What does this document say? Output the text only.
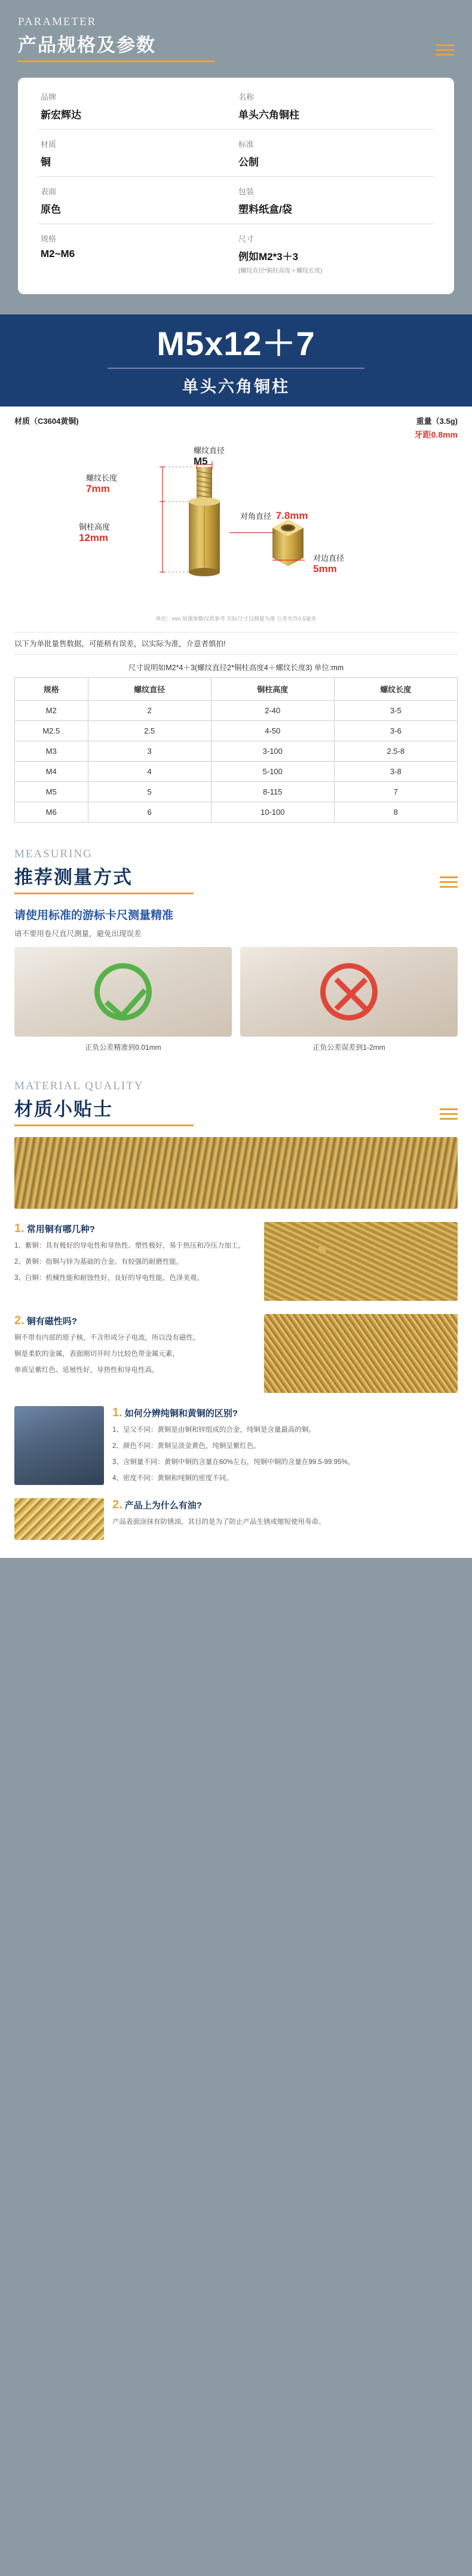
PARAMETER
产品规格及参数
品牌
新宏辉达
名称
单头六角铜柱
材质
铜
标准
公制
表面
原色
包装
塑料纸盒/袋
规格
M2~M6
尺寸
例如M2*3＋3
(螺纹直径*铜柱高度＋螺纹长度)
M5x12＋7
单头六角铜柱
材质（C3604黄铜)	重量（3.5g)
牙距0.8mm
螺纹直径
M5
螺纹长度
7mm
铜柱高度
12mm
对角直径 7.8mm
对边直径
5mm
单位：mm 如图参数仅供参考 实际尺寸以测量为准 公差允许0.5毫米
以下为单批量售数据，可能稍有误差，以实际为准，介意者慎拍!
尺寸说明如M2*4＋3(螺纹直径2*铜柱高度4＋螺纹长度3) 单位:mm
规格	螺纹直径	铜柱高度	螺纹长度
M2	2	2-40	3-5
M2.5	2.5	4-50	3-6
M3	3	3-100	2.5-8
M4	4	5-100	3-8
M5	5	8-115	7
M6	6	10-100	8
MEASURING
推荐测量方式
请使用标准的游标卡尺测量精准
请不要用卷尺直尺测量，避免出现误差
正负公差精准到0.01mm	正负公差误差到1-2mm
MATERIAL QUALITY
材质小贴士
1. 常用铜有哪几种?
1、紫铜：具有极好的导电性和导热性、塑性极好，易于热压和冷压力加工。
2、黄铜：指铜与锌为基础的合金。有较强的耐磨性能。
3、白铜：机械性能和耐蚀性好，良好的导电性能，色泽美观。
2. 铜有磁性吗?
铜不带有内部的原子核，不含形成分子电流，所以没有磁性。
铜是柔软的金属，表面刚切开时力比较色带金属元素，
单质呈紫红色、延展性好，导热性和导电性高。
1. 如何分辨纯铜和黄铜的区别?
1、呈父不同：黄铜是由铜和锌组成的合金，纯铜是含量最高的铜。
2、颜色不同：黄铜呈淡金黄色，纯铜呈紫红色。
3、含铜量不同：黄铜中铜的含量在60%左右，纯铜中铜的含量在99.5-99.95%。
4、密度不同：黄铜和纯铜的密度不同。
2. 产品上为什么有油?
产品表面涂抹有防锈油，其目的是为了防止产品生锈或缩短使用寿命。
